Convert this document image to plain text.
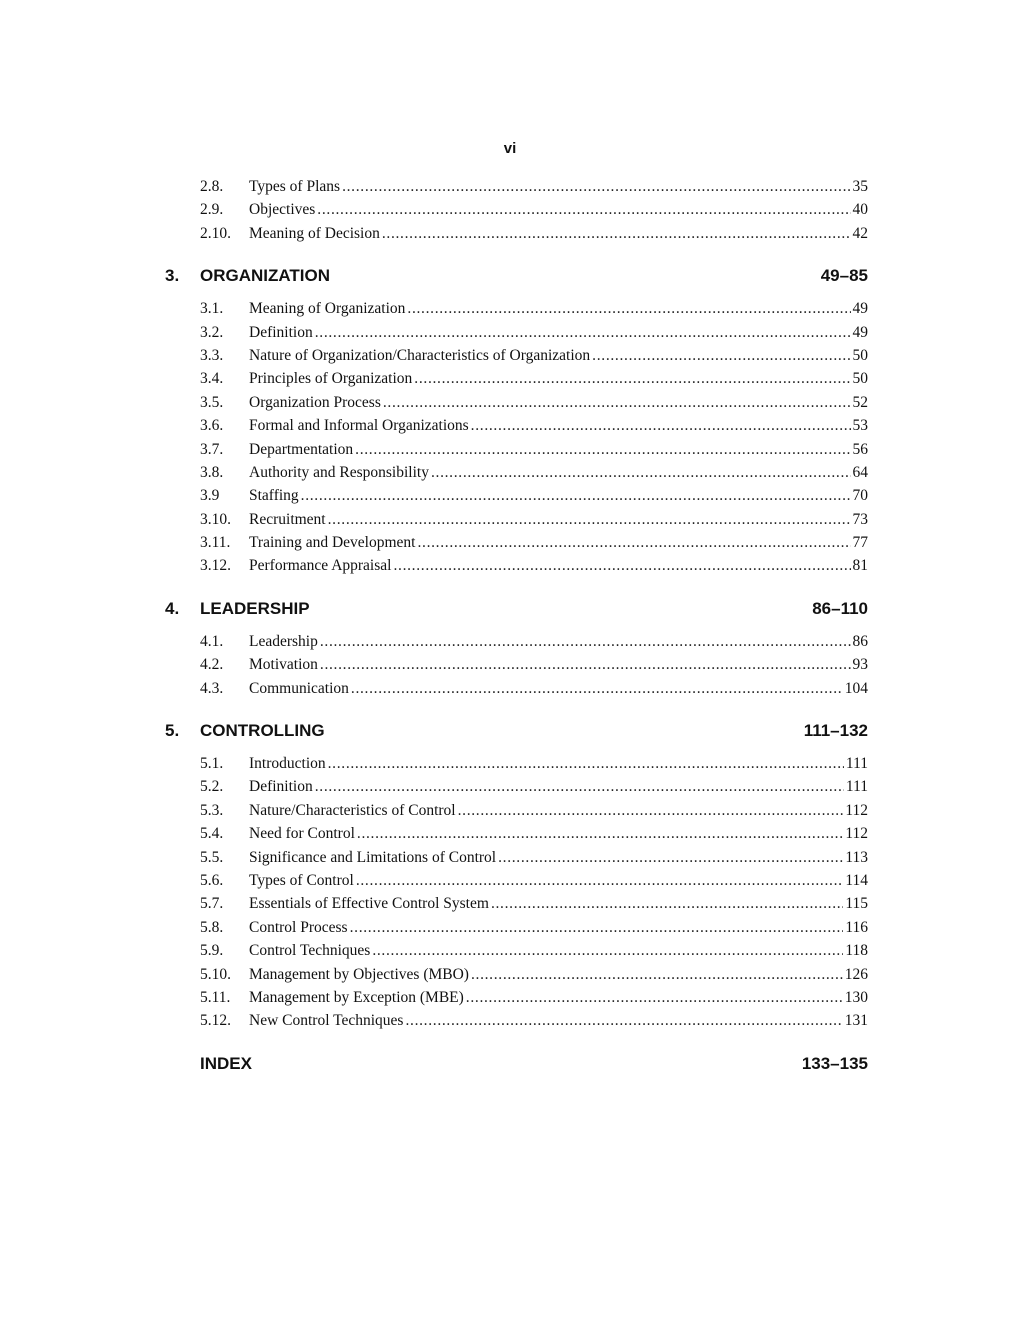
vi
2.8. Types of Plans . . .	35
2.9. Objectives . . .	40
2.10. Meaning of Decision . . .	42
3. ORGANIZATION	49–85
3.1. Meaning of Organization . . .	49
3.2. Definition . . .	49
3.3. Nature of Organization/Characteristics of Organization . . .	50
3.4. Principles of Organization . . .	50
3.5. Organization Process . . .	52
3.6. Formal and Informal Organizations . . .	53
3.7. Departmentation . . .	56
3.8. Authority and Responsibility . . .	64
3.9 Staffing . . .	70
3.10. Recruitment . . .	73
3.11. Training and Development . . .	77
3.12. Performance Appraisal . . .	81
4. LEADERSHIP	86–110
4.1. Leadership . . .	86
4.2. Motivation . . .	93
4.3. Communication . . .	104
5. CONTROLLING	111–132
5.1. Introduction . . .	111
5.2. Definition . . .	111
5.3. Nature/Characteristics of Control . . .	112
5.4. Need for Control . . .	112
5.5. Significance and Limitations of Control . . .	113
5.6. Types of Control . . .	114
5.7. Essentials of Effective Control System . . .	115
5.8. Control Process . . .	116
5.9. Control Techniques . . .	118
5.10. Management by Objectives (MBO) . . .	126
5.11. Management by Exception (MBE) . . .	130
5.12. New Control Techniques . . .	131
INDEX	133–135
